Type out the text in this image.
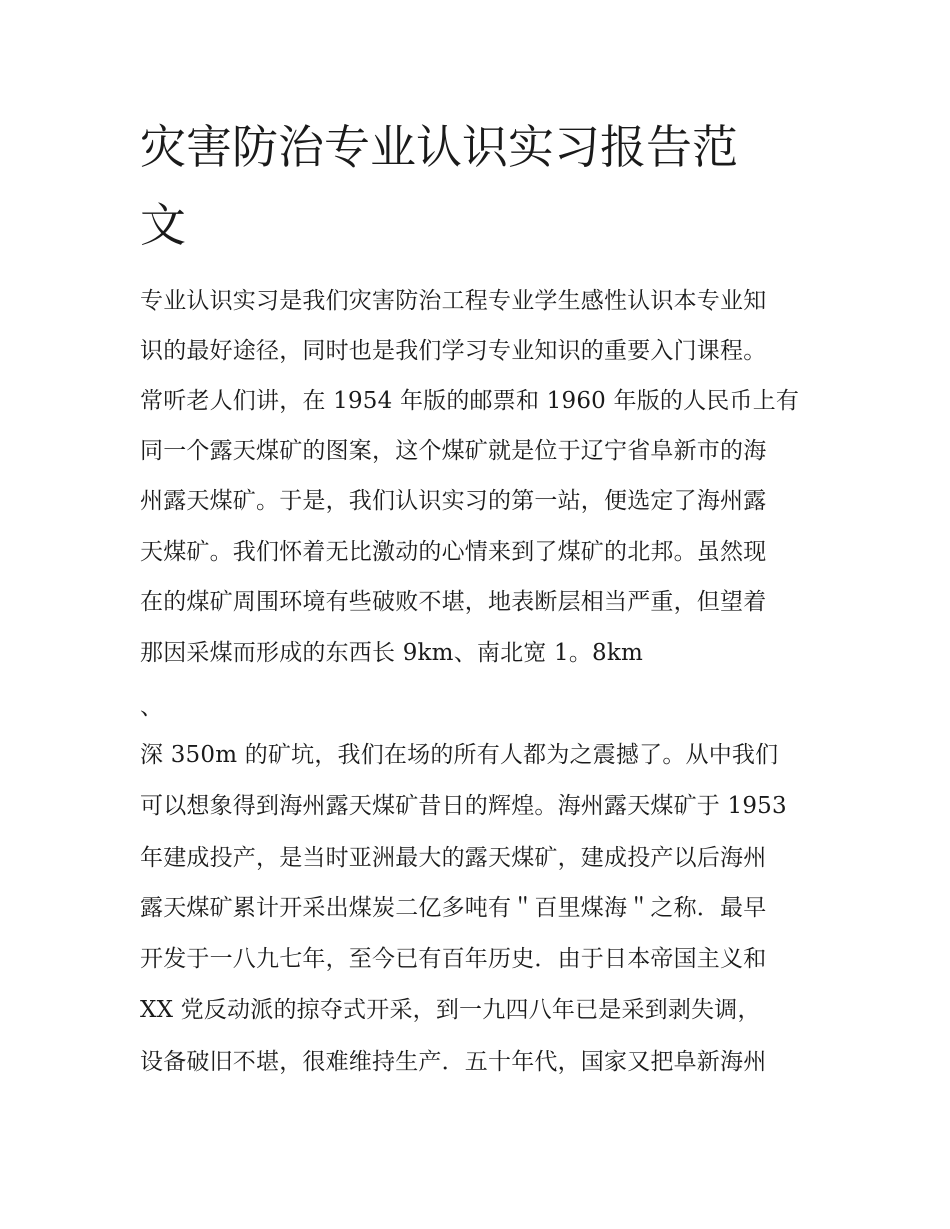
灾害防治专业认识实习报告范
文
专业认识实习是我们灾害防治工程专业学生感性认识本专业知
识的最好途径，同时也是我们学习专业知识的重要入门课程。
常听老人们讲，在 1954 年版的邮票和 1960 年版的人民币上有
同一个露天煤矿的图案，这个煤矿就是位于辽宁省阜新市的海
州露天煤矿。于是，我们认识实习的第一站，便选定了海州露
天煤矿。我们怀着无比激动的心情来到了煤矿的北邦。虽然现
在的煤矿周围环境有些破败不堪，地表断层相当严重，但望着
那因采煤而形成的东西长 9km、南北宽 1。8km
、
深 350m 的矿坑，我们在场的所有人都为之震撼了。从中我们
可以想象得到海州露天煤矿昔日的辉煌。海州露天煤矿于 1953
年建成投产，是当时亚洲最大的露天煤矿，建成投产以后海州
露天煤矿累计开采出煤炭二亿多吨有＂百里煤海＂之称．最早
开发于一八九七年，至今已有百年历史．由于日本帝国主义和
XX 党反动派的掠夺式开采，到一九四八年已是采到剥失调，
设备破旧不堪，很难维持生产．五十年代，国家又把阜新海州
